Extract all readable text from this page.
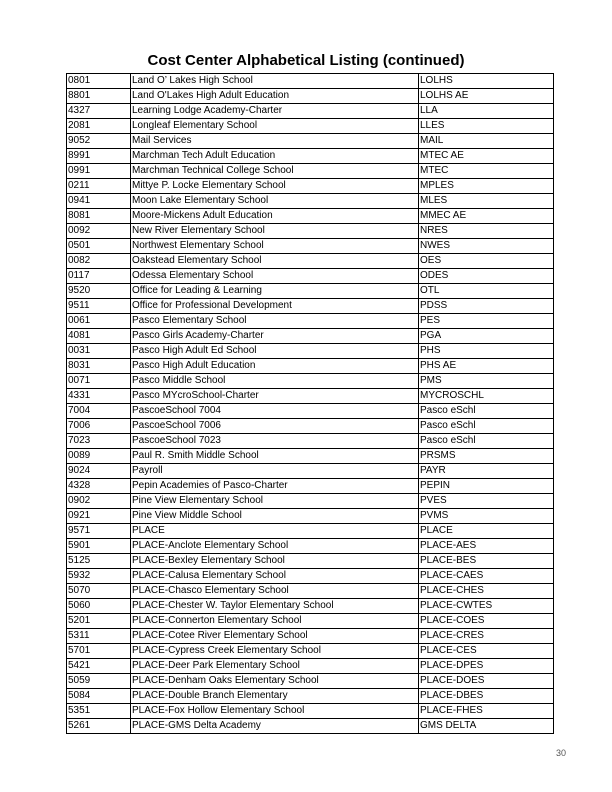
Cost Center Alphabetical Listing (continued)
0801	Land O’ Lakes High School	LOLHS
8801	Land O'Lakes High Adult Education	LOLHS AE
4327	Learning Lodge Academy-Charter	LLA
2081	Longleaf Elementary School	LLES
9052	Mail Services	MAIL
8991	Marchman Tech Adult Education	MTEC AE
0991	Marchman Technical College School	MTEC
0211	Mittye P. Locke Elementary School	MPLES
0941	Moon Lake Elementary School	MLES
8081	Moore-Mickens Adult Education	MMEC AE
0092	New River Elementary School	NRES
0501	Northwest Elementary School	NWES
0082	Oakstead Elementary School	OES
0117	Odessa Elementary School	ODES
9520	Office for Leading & Learning	OTL
9511	Office for Professional Development	PDSS
0061	Pasco Elementary School	PES
4081	Pasco Girls Academy-Charter	PGA
0031	Pasco High Adult Ed School	PHS
8031	Pasco High Adult Education	PHS AE
0071	Pasco Middle School	PMS
4331	Pasco MYcroSchool-Charter	MYCROSCHL
7004	PascoeSchool 7004	Pasco eSchl
7006	PascoeSchool 7006	Pasco eSchl
7023	PascoeSchool 7023	Pasco eSchl
0089	Paul R. Smith Middle School	PRSMS
9024	Payroll	PAYR
4328	Pepin Academies of Pasco-Charter	PEPIN
0902	Pine View Elementary School	PVES
0921	Pine View Middle School	PVMS
9571	PLACE	PLACE
5901	PLACE-Anclote Elementary School	PLACE-AES
5125	PLACE-Bexley Elementary School	PLACE-BES
5932	PLACE-Calusa Elementary School	PLACE-CAES
5070	PLACE-Chasco Elementary School	PLACE-CHES
5060	PLACE-Chester W. Taylor Elementary School	PLACE-CWTES
5201	PLACE-Connerton Elementary School	PLACE-COES
5311	PLACE-Cotee River Elementary School	PLACE-CRES
5701	PLACE-Cypress Creek Elementary School	PLACE-CES
5421	PLACE-Deer Park Elementary School	PLACE-DPES
5059	PLACE-Denham Oaks Elementary School	PLACE-DOES
5084	PLACE-Double Branch Elementary	PLACE-DBES
5351	PLACE-Fox Hollow Elementary School	PLACE-FHES
5261	PLACE-GMS Delta Academy	GMS DELTA
30
